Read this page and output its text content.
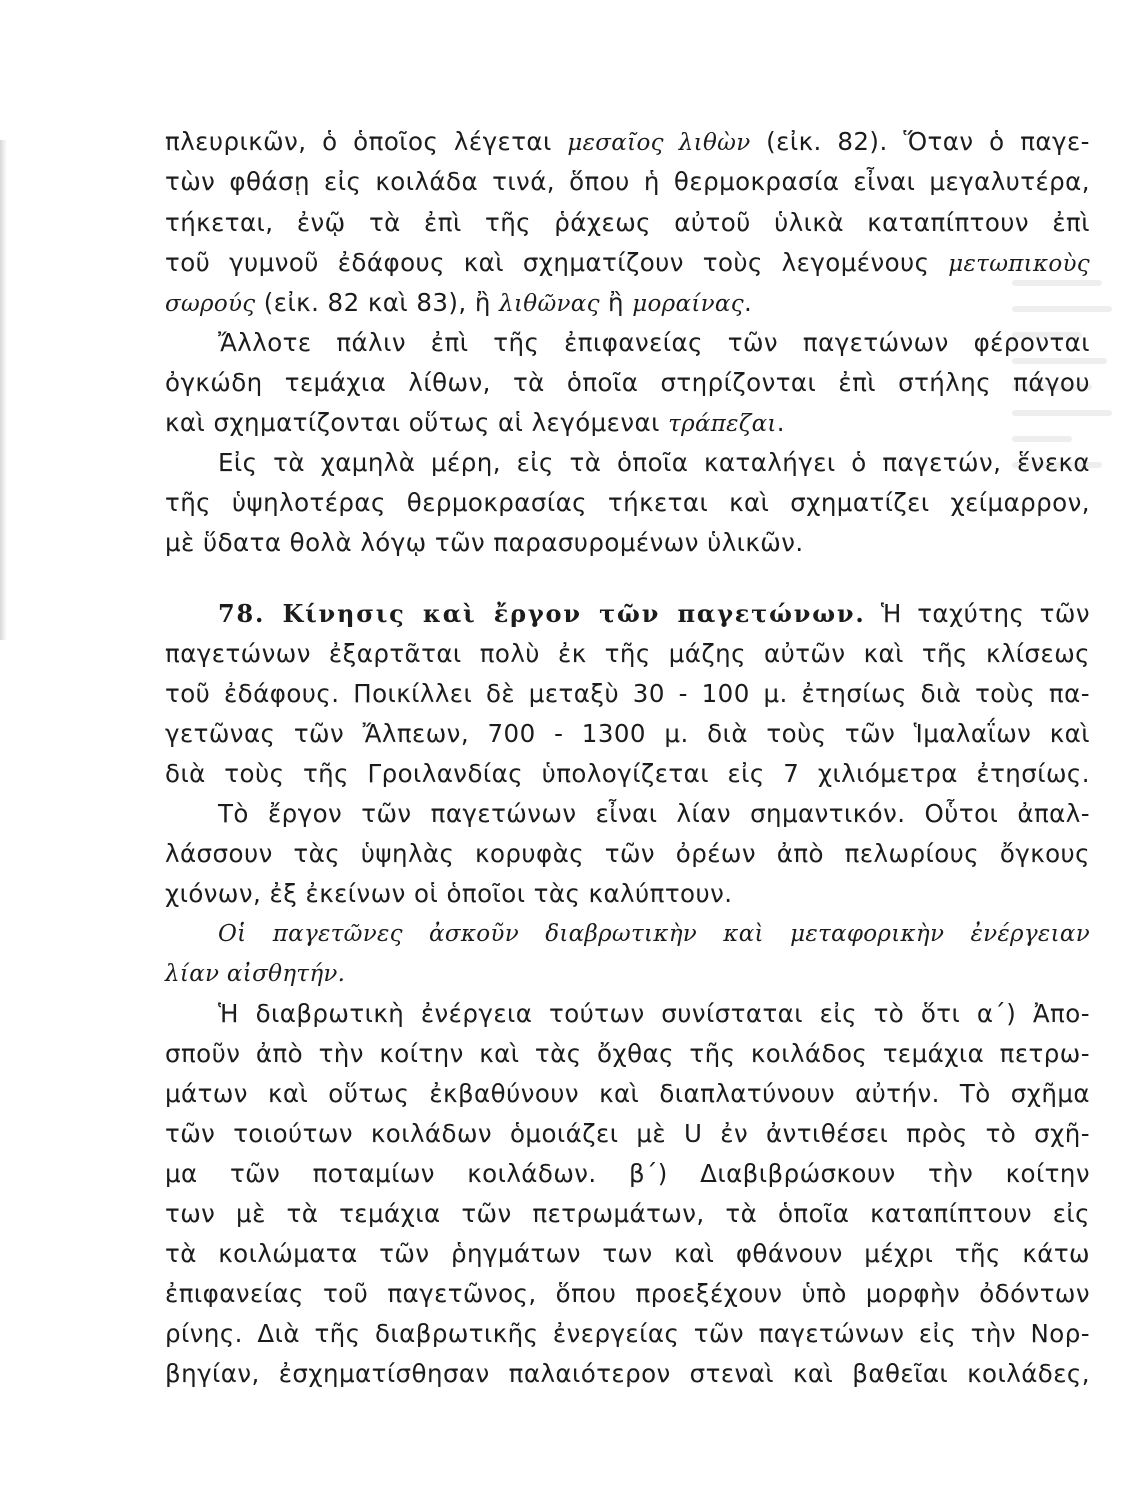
πλευρικῶν, ὁ ὁποῖος λέγεται μεσαῖος λιθὼν (εἰκ. 82). Ὅταν ὁ παγε-
τὼν φθάσῃ εἰς κοιλάδα τινά, ὅπου ἡ θερμοκρασία εἶναι μεγαλυτέρα,
τήκεται, ἐνῷ τὰ ἐπὶ τῆς ῥάχεως αὐτοῦ ὑλικὰ καταπίπτουν ἐπὶ
τοῦ γυμνοῦ ἐδάφους καὶ σχηματίζουν τοὺς λεγομένους μετωπικοὺς
σωρούς (εἰκ. 82 καὶ 83), ἢ λιθῶνας ἢ μοραίνας.
Ἄλλοτε πάλιν ἐπὶ τῆς ἐπιφανείας τῶν παγετώνων φέρονται
ὀγκώδη τεμάχια λίθων, τὰ ὁποῖα στηρίζονται ἐπὶ στήλης πάγου
καὶ σχηματίζονται οὕτως αἱ λεγόμεναι τράπεζαι.
Εἰς τὰ χαμηλὰ μέρη, εἰς τὰ ὁποῖα καταλήγει ὁ παγετών, ἕνεκα
τῆς ὑψηλοτέρας θερμοκρασίας τήκεται καὶ σχηματίζει χείμαρρον,
μὲ ὕδατα θολὰ λόγῳ τῶν παρασυρομένων ὑλικῶν.
78. Κίνησις καὶ ἔργον τῶν παγετώνων. Ἡ ταχύτης τῶν
παγετώνων ἐξαρτᾶται πολὺ ἐκ τῆς μάζης αὐτῶν καὶ τῆς κλίσεως
τοῦ ἐδάφους. Ποικίλλει δὲ μεταξὺ 30 - 100 μ. ἐτησίως διὰ τοὺς πα-
γετῶνας τῶν Ἄλπεων, 700 - 1300 μ. διὰ τοὺς τῶν Ἱμαλαΐων καὶ
διὰ τοὺς τῆς Γροιλανδίας ὑπολογίζεται εἰς 7 χιλιόμετρα ἐτησίως.
Τὸ ἔργον τῶν παγετώνων εἶναι λίαν σημαντικόν. Οὗτοι ἀπαλ-
λάσσουν τὰς ὑψηλὰς κορυφὰς τῶν ὀρέων ἀπὸ πελωρίους ὄγκους
χιόνων, ἐξ ἐκείνων οἱ ὁποῖοι τὰς καλύπτουν.
Οἱ παγετῶνες ἀσκοῦν διαβρωτικὴν καὶ μεταφορικὴν ἐνέργειαν
λίαν αἰσθητήν.
Ἡ διαβρωτικὴ ἐνέργεια τούτων συνίσταται εἰς τὸ ὅτι α΄) Ἀπο-
σποῦν ἀπὸ τὴν κοίτην καὶ τὰς ὄχθας τῆς κοιλάδος τεμάχια πετρω-
μάτων καὶ οὕτως ἐκβαθύνουν καὶ διαπλατύνουν αὐτήν. Τὸ σχῆμα
τῶν τοιούτων κοιλάδων ὁμοιάζει μὲ U ἐν ἀντιθέσει πρὸς τὸ σχῆ-
μα τῶν ποταμίων κοιλάδων. β΄) Διαβιβρώσκουν τὴν κοίτην
των μὲ τὰ τεμάχια τῶν πετρωμάτων, τὰ ὁποῖα καταπίπτουν εἰς
τὰ κοιλώματα τῶν ῥηγμάτων των καὶ φθάνουν μέχρι τῆς κάτω
ἐπιφανείας τοῦ παγετῶνος, ὅπου προεξέχουν ὑπὸ μορφὴν ὀδόντων
ρίνης. Διὰ τῆς διαβρωτικῆς ἐνεργείας τῶν παγετώνων εἰς τὴν Νορ-
βηγίαν, ἐσχηματίσθησαν παλαιότερον στεναὶ καὶ βαθεῖαι κοιλάδες,
